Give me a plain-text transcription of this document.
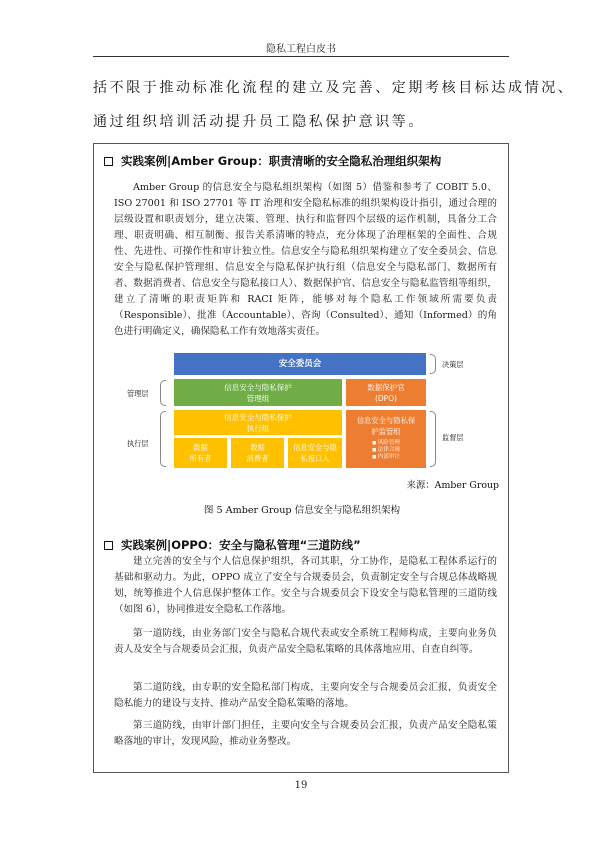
隐私工程白皮书
括不限于推动标准化流程的建立及完善、定期考核目标达成情况、
通过组织培训活动提升员工隐私保护意识等。
实践案例|Amber Group：职责清晰的安全隐私治理组织架构
Amber Group 的信息安全与隐私组织架构（如图 5）借鉴和参考了 COBIT 5.0、ISO 27001 和 ISO 27701 等 IT 治理和安全隐私标准的组织架构设计指引，通过合理的层级设置和职责划分，建立决策、管理、执行和监督四个层级的运作机制，具备分工合理、职责明确、相互制衡、报告关系清晰的特点，充分体现了治理框架的全面性、合规性、先进性、可操作性和审计独立性。信息安全与隐私组织架构建立了安全委员会、信息安全与隐私保护管理组、信息安全与隐私保护执行组（信息安全与隐私部门、数据所有者、数据消费者、信息安全与隐私接口人）、数据保护官、信息安全与隐私监管组等组织，建立了清晰的职责矩阵和 RACI 矩阵，能够对每个隐私工作领域所需要负责（Responsible）、批准（Accountable）、咨询（Consulted）、通知（Informed）的角色进行明确定义，确保隐私工作有效地落实责任。
决策层
管理层
执行层
监督层
安全委员会
信息安全与隐私保护
管理组
数据保护官
(DPO)
信息安全与隐私保护
执行组
数据
所有者
数据
消费者
信息安全与隐
私接口人
信息安全与隐私保
护监管组
■ 风险管理
■ 法律合规
■ 内部审计
来源：Amber Group
图 5 Amber Group 信息安全与隐私组织架构
实践案例|OPPO：安全与隐私管理“三道防线”
建立完善的安全与个人信息保护组织，各司其职，分工协作，是隐私工程体系运行的基础和驱动力。为此，OPPO 成立了安全与合规委员会，负责制定安全与合规总体战略规划，统筹推进个人信息保护整体工作。安全与合规委员会下设安全与隐私管理的三道防线（如图 6），协同推进安全隐私工作落地。
第一道防线，由业务部门安全与隐私合规代表或安全系统工程师构成，主要向业务负责人及安全与合规委员会汇报，负责产品安全隐私策略的具体落地应用、自查自纠等。
第二道防线，由专职的安全隐私部门构成，主要向安全与合规委员会汇报，负责安全隐私能力的建设与支持、推动产品安全隐私策略的落地。
第三道防线，由审计部门担任，主要向安全与合规委员会汇报，负责产品安全隐私策略落地的审计，发现风险，推动业务整改。
19
